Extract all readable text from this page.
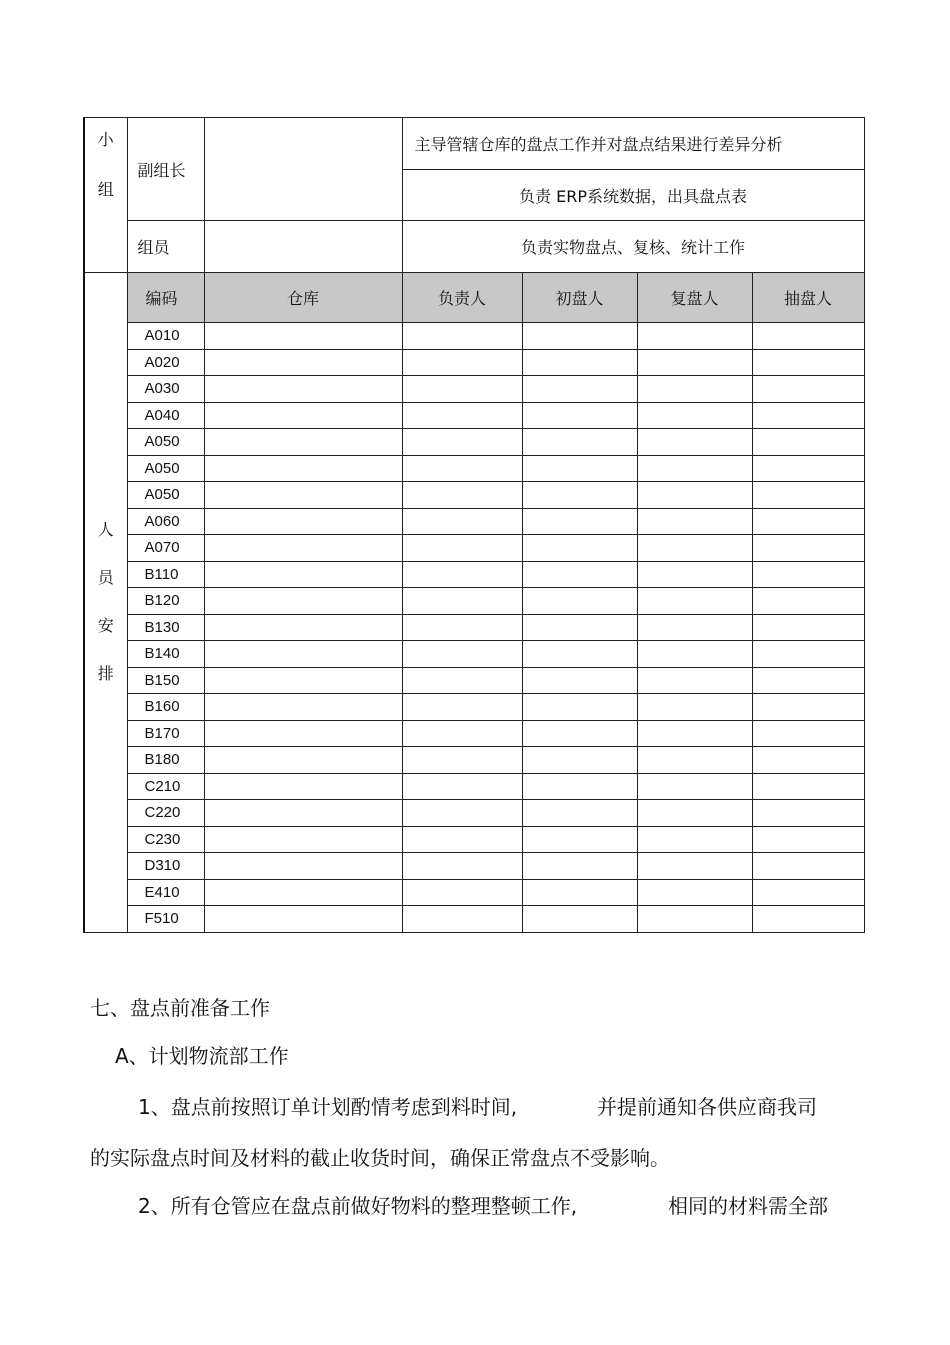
小
组	副组长		主导管辖仓库的盘点工作并对盘点结果进行差异分析			
			负责 ERP系统数据，出具盘点表			
	组员		负责实物盘点、复核、统计工作			

人
员
安
排	编码	仓库	负责人	初盘人	复盘人	抽盘人
	A010					
	A020					
	A030					
	A040					
	A050					
	A050					
	A050					
	A060					
	A070					
	B110					
	B120					
	B130					
	B140					
	B150					
	B160					
	B170					
	B180					
	C210					
	C220					
	C230					
	D310					
	E410					
	F510					
七、盘点前准备工作
A、计划物流部工作
1、盘点前按照订单计划酌情考虑到料时间,	并提前通知各供应商我司
的实际盘点时间及材料的截止收货时间，确保正常盘点不受影响。
2、所有仓管应在盘点前做好物料的整理整顿工作,	相同的材料需全部
